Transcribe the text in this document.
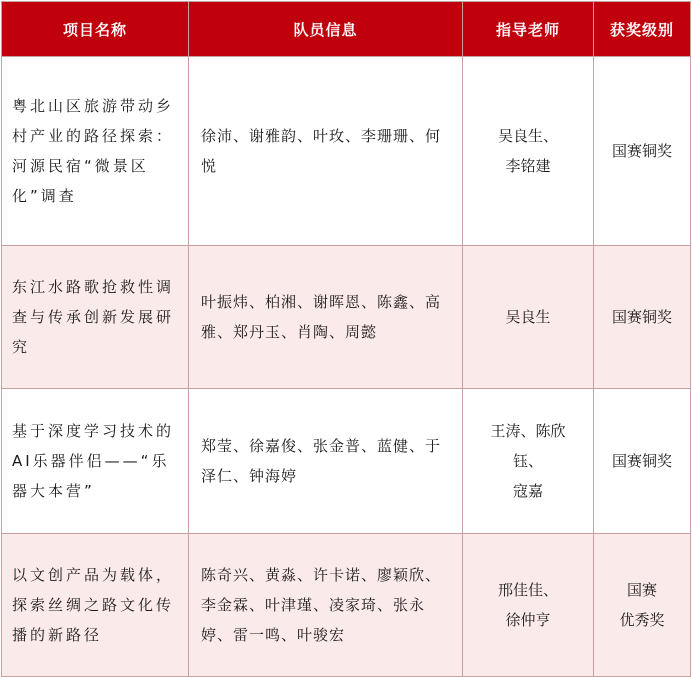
项目名称	队员信息	指导老师	获奖级别
粤北山区旅游带动乡村产业的路径探索：河源民宿“微景区化”调查	徐沛、谢雅韵、叶玫、李珊珊、何悦	吴良生、
李铭建	国赛铜奖

东江水路歌抢救性调查与传承创新发展研究	叶振炜、柏湘、谢晖恩、陈鑫、高雅、郑丹玉、肖陶、周懿	吴良生	国赛铜奖

基于深度学习技术的AI乐器伴侣——“乐器大本营”	郑莹、徐嘉俊、张金普、蓝健、于泽仁、钟海婷	王涛、陈欣
钰、
寇嘉	国赛铜奖

以文创产品为载体，探索丝绸之路文化传播的新路径	陈奇兴、黄淼、许卡诺、廖颖欣、李金霖、叶津瑾、凌家琦、张永婷、雷一鸣、叶骏宏	邢佳佳、
徐仲亨	国赛
优秀奖
